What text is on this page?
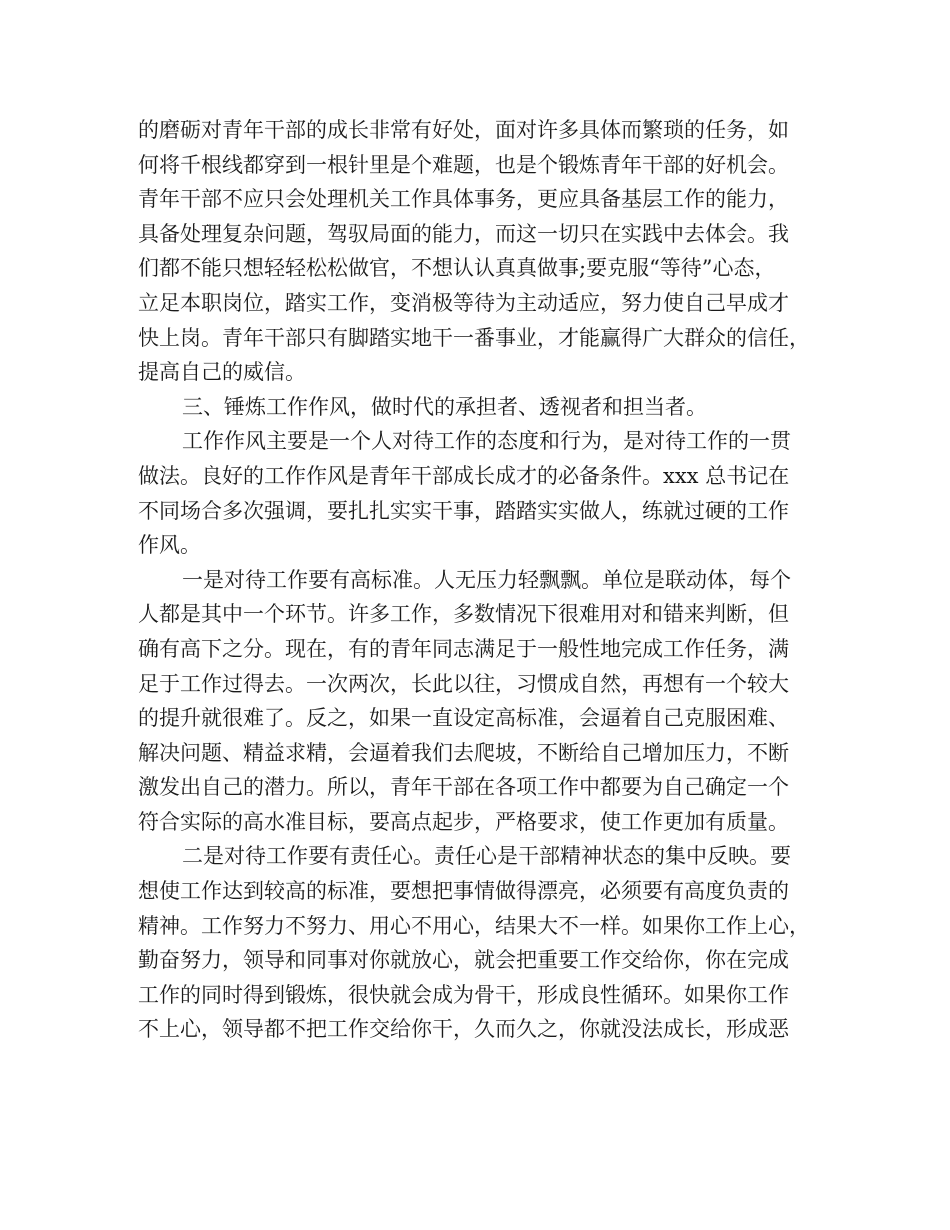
的磨砺对青年干部的成长非常有好处，面对许多具体而繁琐的任务，如
何将千根线都穿到一根针里是个难题，也是个锻炼青年干部的好机会。
青年干部不应只会处理机关工作具体事务，更应具备基层工作的能力，
具备处理复杂问题，驾驭局面的能力，而这一切只在实践中去体会。我
们都不能只想轻轻松松做官，不想认认真真做事;要克服“等待”心态，
立足本职岗位，踏实工作，变消极等待为主动适应，努力使自己早成才
快上岗。青年干部只有脚踏实地干一番事业，才能赢得广大群众的信任，
提高自己的威信。
三、锤炼工作作风，做时代的承担者、透视者和担当者。
工作作风主要是一个人对待工作的态度和行为，是对待工作的一贯
做法。良好的工作作风是青年干部成长成才的必备条件。xxx 总书记在
不同场合多次强调，要扎扎实实干事，踏踏实实做人，练就过硬的工作
作风。
一是对待工作要有高标准。人无压力轻飘飘。单位是联动体，每个
人都是其中一个环节。许多工作，多数情况下很难用对和错来判断，但
确有高下之分。现在，有的青年同志满足于一般性地完成工作任务，满
足于工作过得去。一次两次，长此以往，习惯成自然，再想有一个较大
的提升就很难了。反之，如果一直设定高标准，会逼着自己克服困难、
解决问题、精益求精，会逼着我们去爬坡，不断给自己增加压力，不断
激发出自己的潜力。所以，青年干部在各项工作中都要为自己确定一个
符合实际的高水准目标，要高点起步，严格要求，使工作更加有质量。
二是对待工作要有责任心。责任心是干部精神状态的集中反映。要
想使工作达到较高的标准，要想把事情做得漂亮，必须要有高度负责的
精神。工作努力不努力、用心不用心，结果大不一样。如果你工作上心，
勤奋努力，领导和同事对你就放心，就会把重要工作交给你，你在完成
工作的同时得到锻炼，很快就会成为骨干，形成良性循环。如果你工作
不上心，领导都不把工作交给你干，久而久之，你就没法成长，形成恶
